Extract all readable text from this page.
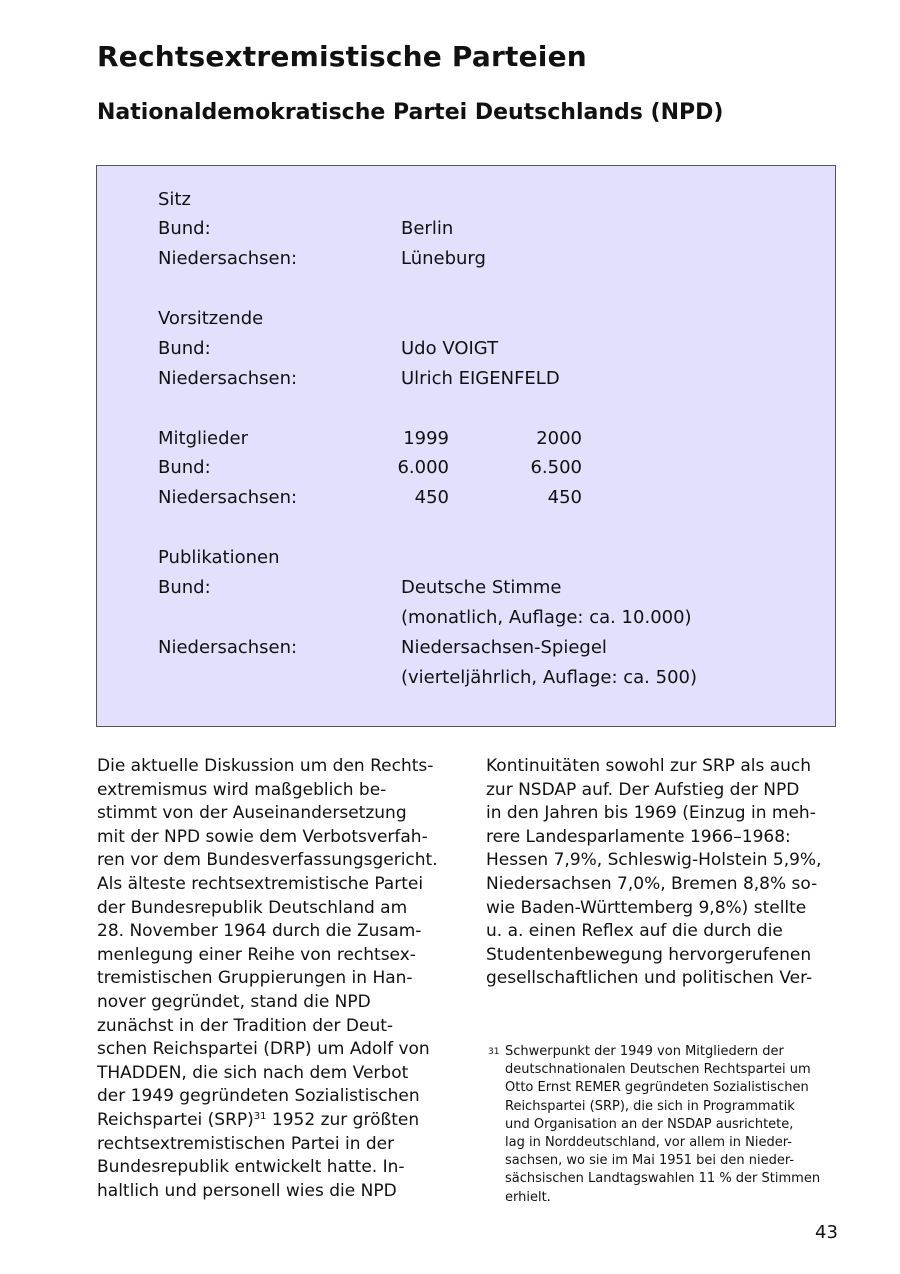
Rechtsextremistische Parteien
Nationaldemokratische Partei Deutschlands (NPD)
Sitz
Bund:	Berlin
Niedersachsen:	Lüneburg
Vorsitzende
Bund:	Udo VOIGT
Niedersachsen:	Ulrich EIGENFELD
Mitglieder	1999	2000
Bund:	6.000	6.500
Niedersachsen:	450	450
Publikationen
Bund:	Deutsche Stimme
(monatlich, Auflage: ca. 10.000)
Niedersachsen:	Niedersachsen-Spiegel
(vierteljährlich, Auflage: ca. 500)
Die aktuelle Diskussion um den Rechts-
extremismus wird maßgeblich be-
stimmt von der Auseinandersetzung
mit der NPD sowie dem Verbotsverfah-
ren vor dem Bundesverfassungsgericht.
Als älteste rechtsextremistische Partei
der Bundesrepublik Deutschland am
28. November 1964 durch die Zusam-
menlegung einer Reihe von rechtsex-
tremistischen Gruppierungen in Han-
nover gegründet, stand die NPD
zunächst in der Tradition der Deut-
schen Reichspartei (DRP) um Adolf von
THADDEN, die sich nach dem Verbot
der 1949 gegründeten Sozialistischen
Reichspartei (SRP)$^{31}$ 1952 zur größten
rechtsextremistischen Partei in der
Bundesrepublik entwickelt hatte. In-
haltlich und personell wies die NPD
Kontinuitäten sowohl zur SRP als auch
zur NSDAP auf. Der Aufstieg der NPD
in den Jahren bis 1969 (Einzug in meh-
rere Landesparlamente 1966–1968:
Hessen 7,9%, Schleswig-Holstein 5,9%,
Niedersachsen 7,0%, Bremen 8,8% so-
wie Baden-Württemberg 9,8%) stellte
u. a. einen Reflex auf die durch die
Studentenbewegung hervorgerufenen
gesellschaftlichen und politischen Ver-
31 Schwerpunkt der 1949 von Mitgliedern der
deutschnationalen Deutschen Rechtspartei um
Otto Ernst REMER gegründeten Sozialistischen
Reichspartei (SRP), die sich in Programmatik
und Organisation an der NSDAP ausrichtete,
lag in Norddeutschland, vor allem in Nieder-
sachsen, wo sie im Mai 1951 bei den nieder-
sächsischen Landtagswahlen 11 % der Stimmen
erhielt.
43
